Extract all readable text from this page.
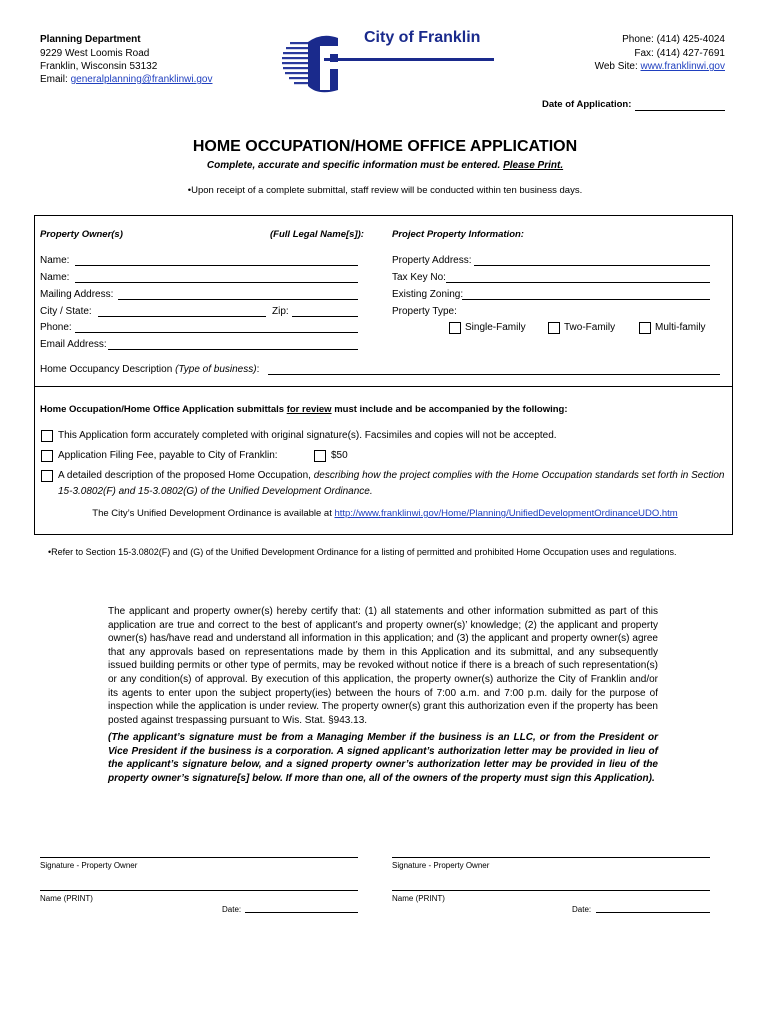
Planning Department
9229 West Loomis Road
Franklin, Wisconsin 53132
Email: generalplanning@franklinwi.gov
City of Franklin	Phone: (414) 425-4024
Fax: (414) 427-7691
Web Site: www.franklinwi.gov
Date of Application:
HOME OCCUPATION/HOME OFFICE APPLICATION
Complete, accurate and specific information must be entered. Please Print.
•Upon receipt of a complete submittal, staff review will be conducted within ten business days.
Property Owner(s)	(Full Legal Name[s]):
Name:
Name:
Mailing Address:
City / State:	Zip:
Phone:
Email Address:
Project Property Information:
Property Address:
Tax Key No:
Existing Zoning:
Property Type:
Single-Family	Two-Family	Multi-family
Home Occupancy Description (Type of business):
Home Occupation/Home Office Application submittals for review must include and be accompanied by the following:
This Application form accurately completed with original signature(s). Facsimiles and copies will not be accepted.
Application Filing Fee, payable to City of Franklin:	$50
A detailed description of the proposed Home Occupation, describing how the project complies with the Home Occupation standards set forth in Section
15-3.0802(F) and 15-3.0802(G) of the Unified Development Ordinance.
The City’s Unified Development Ordinance is available at http://www.franklinwi.gov/Home/Planning/UnifiedDevelopmentOrdinanceUDO.htm
•Refer to Section 15-3.0802(F) and (G) of the Unified Development Ordinance for a listing of permitted and prohibited Home Occupation uses and regulations.
The applicant and property owner(s) hereby certify that: (1) all statements and other information submitted as part of this application are true and correct to the best of applicant’s and property owner(s)’ knowledge; (2) the applicant and property owner(s) has/have read and understand all information in this application; and (3) the applicant and property owner(s) agree that any approvals based on representations made by them in this Application and its submittal, and any subsequently issued building permits or other type of permits, may be revoked without notice if there is a breach of such representation(s) or any condition(s) of approval. By execution of this application, the property owner(s) authorize the City of Franklin and/or its agents to enter upon the subject property(ies) between the hours of 7:00 a.m. and 7:00 p.m. daily for the purpose of inspection while the application is under review. The property owner(s) grant this authorization even if the property has been posted against trespassing pursuant to Wis. Stat. §943.13.
(The applicant’s signature must be from a Managing Member if the business is an LLC, or from the President or Vice President if the business is a corporation. A signed applicant’s authorization letter may be provided in lieu of the applicant’s signature below, and a signed property owner’s authorization letter may be provided in lieu of the property owner’s signature[s] below. If more than one, all of the owners of the property must sign this Application).
Signature - Property Owner	Signature - Property Owner
Name (PRINT)	Name (PRINT)
Date:	Date:
